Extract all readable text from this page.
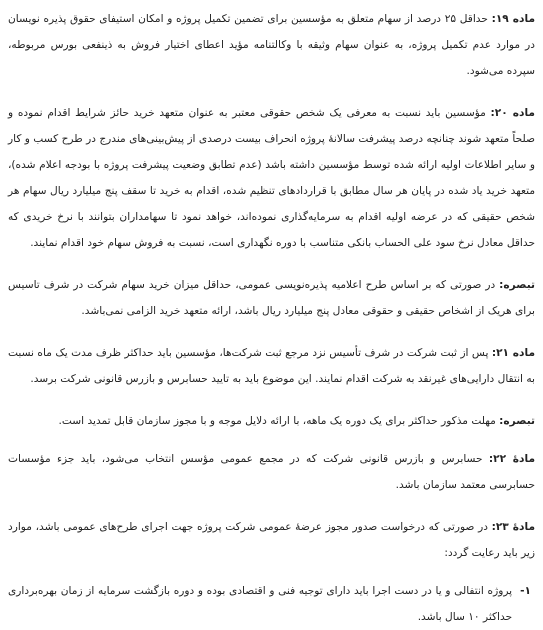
ماده ۱۹: حداقل ۲۵ درصد از سهام متعلق به مؤسسین برای تضمین تکمیل پروژه و امکان استیفای حقوق پذیره نویسان در موارد عدم تکمیل پروژه، به عنوان سهام وثیقه با وکالتنامه مؤید اعطای اختیار فروش به ذینفعی بورس مربوطه، سپرده می‌شود.

ماده ۲۰: مؤسسین باید نسبت به معرفی یک شخص حقوقی معتبر به عنوان متعهد خرید حائز شرایط اقدام نموده و صلحاً متعهد شوند چنانچه درصد پیشرفت سالانهٔ پروژه انحراف بیست درصدی از پیش‌بینی‌های مندرج در طرح کسب و کار و سایر اطلاعات اولیه ارائه شده توسط مؤسسین داشته باشد (عدم تطابق وضعیت پیشرفت پروژه با بودجه اعلام شده)، متعهد خرید یاد شده در پایان هر سال مطابق با قراردادهای تنظیم شده، اقدام به خرید تا سقف پنج میلیارد ریال سهام هر شخص حقیقی که در عرضه اولیه اقدام به سرمایه‌گذاری نموده‌اند، خواهد نمود تا سهامداران بتوانند با نرخ خریدی که حداقل معادل نرخ سود علی الحساب بانکی متناسب با دوره نگهداری است، نسبت به فروش سهام خود اقدام نمایند.

تبصره: در صورتی که بر اساس طرح اعلامیه پذیرەنویسی عمومی، حداقل میزان خرید سهام شرکت در شرف تاسیس برای هریک از اشخاص حقیقی و حقوقی معادل پنج میلیارد ریال باشد، ارائه متعهد خرید الزامی نمی‌باشد.

ماده ۲۱: پس از ثبت شرکت در شرف تأسیس نزد مرجع ثبت شرکت‌ها، مؤسسین باید حداکثر ظرف مدت یک ماه نسبت به انتقال دارایی‌های غیرنقد به شرکت اقدام نمایند. این موضوع باید به تایید حسابرس و بازرس قانونی شرکت برسد.

تبصره: مهلت مذکور حداکثر برای یک دوره یک ماهه، با ارائه دلایل موجه و با مجوز سازمان قابل تمدید است.

مادهٔ ۲۲: حسابرس و بازرس قانونی شرکت که در مجمع عمومی مؤسس انتخاب می‌شود، باید جزء مؤسسات حسابرسی معتمد سازمان باشد.

مادهٔ ۲۳: در صورتی که درخواست صدور مجوز عرضهٔ عمومی شرکت پروژه جهت اجرای طرح‌های عمومی باشد، موارد زیر باید رعایت گردد:

۱-
پروژه انتفالی و یا در دست اجرا باید دارای توجیه فنی و اقتصادی بوده و دوره بازگشت سرمایه از زمان بهره‌برداری حداکثر ۱۰ سال باشد.
